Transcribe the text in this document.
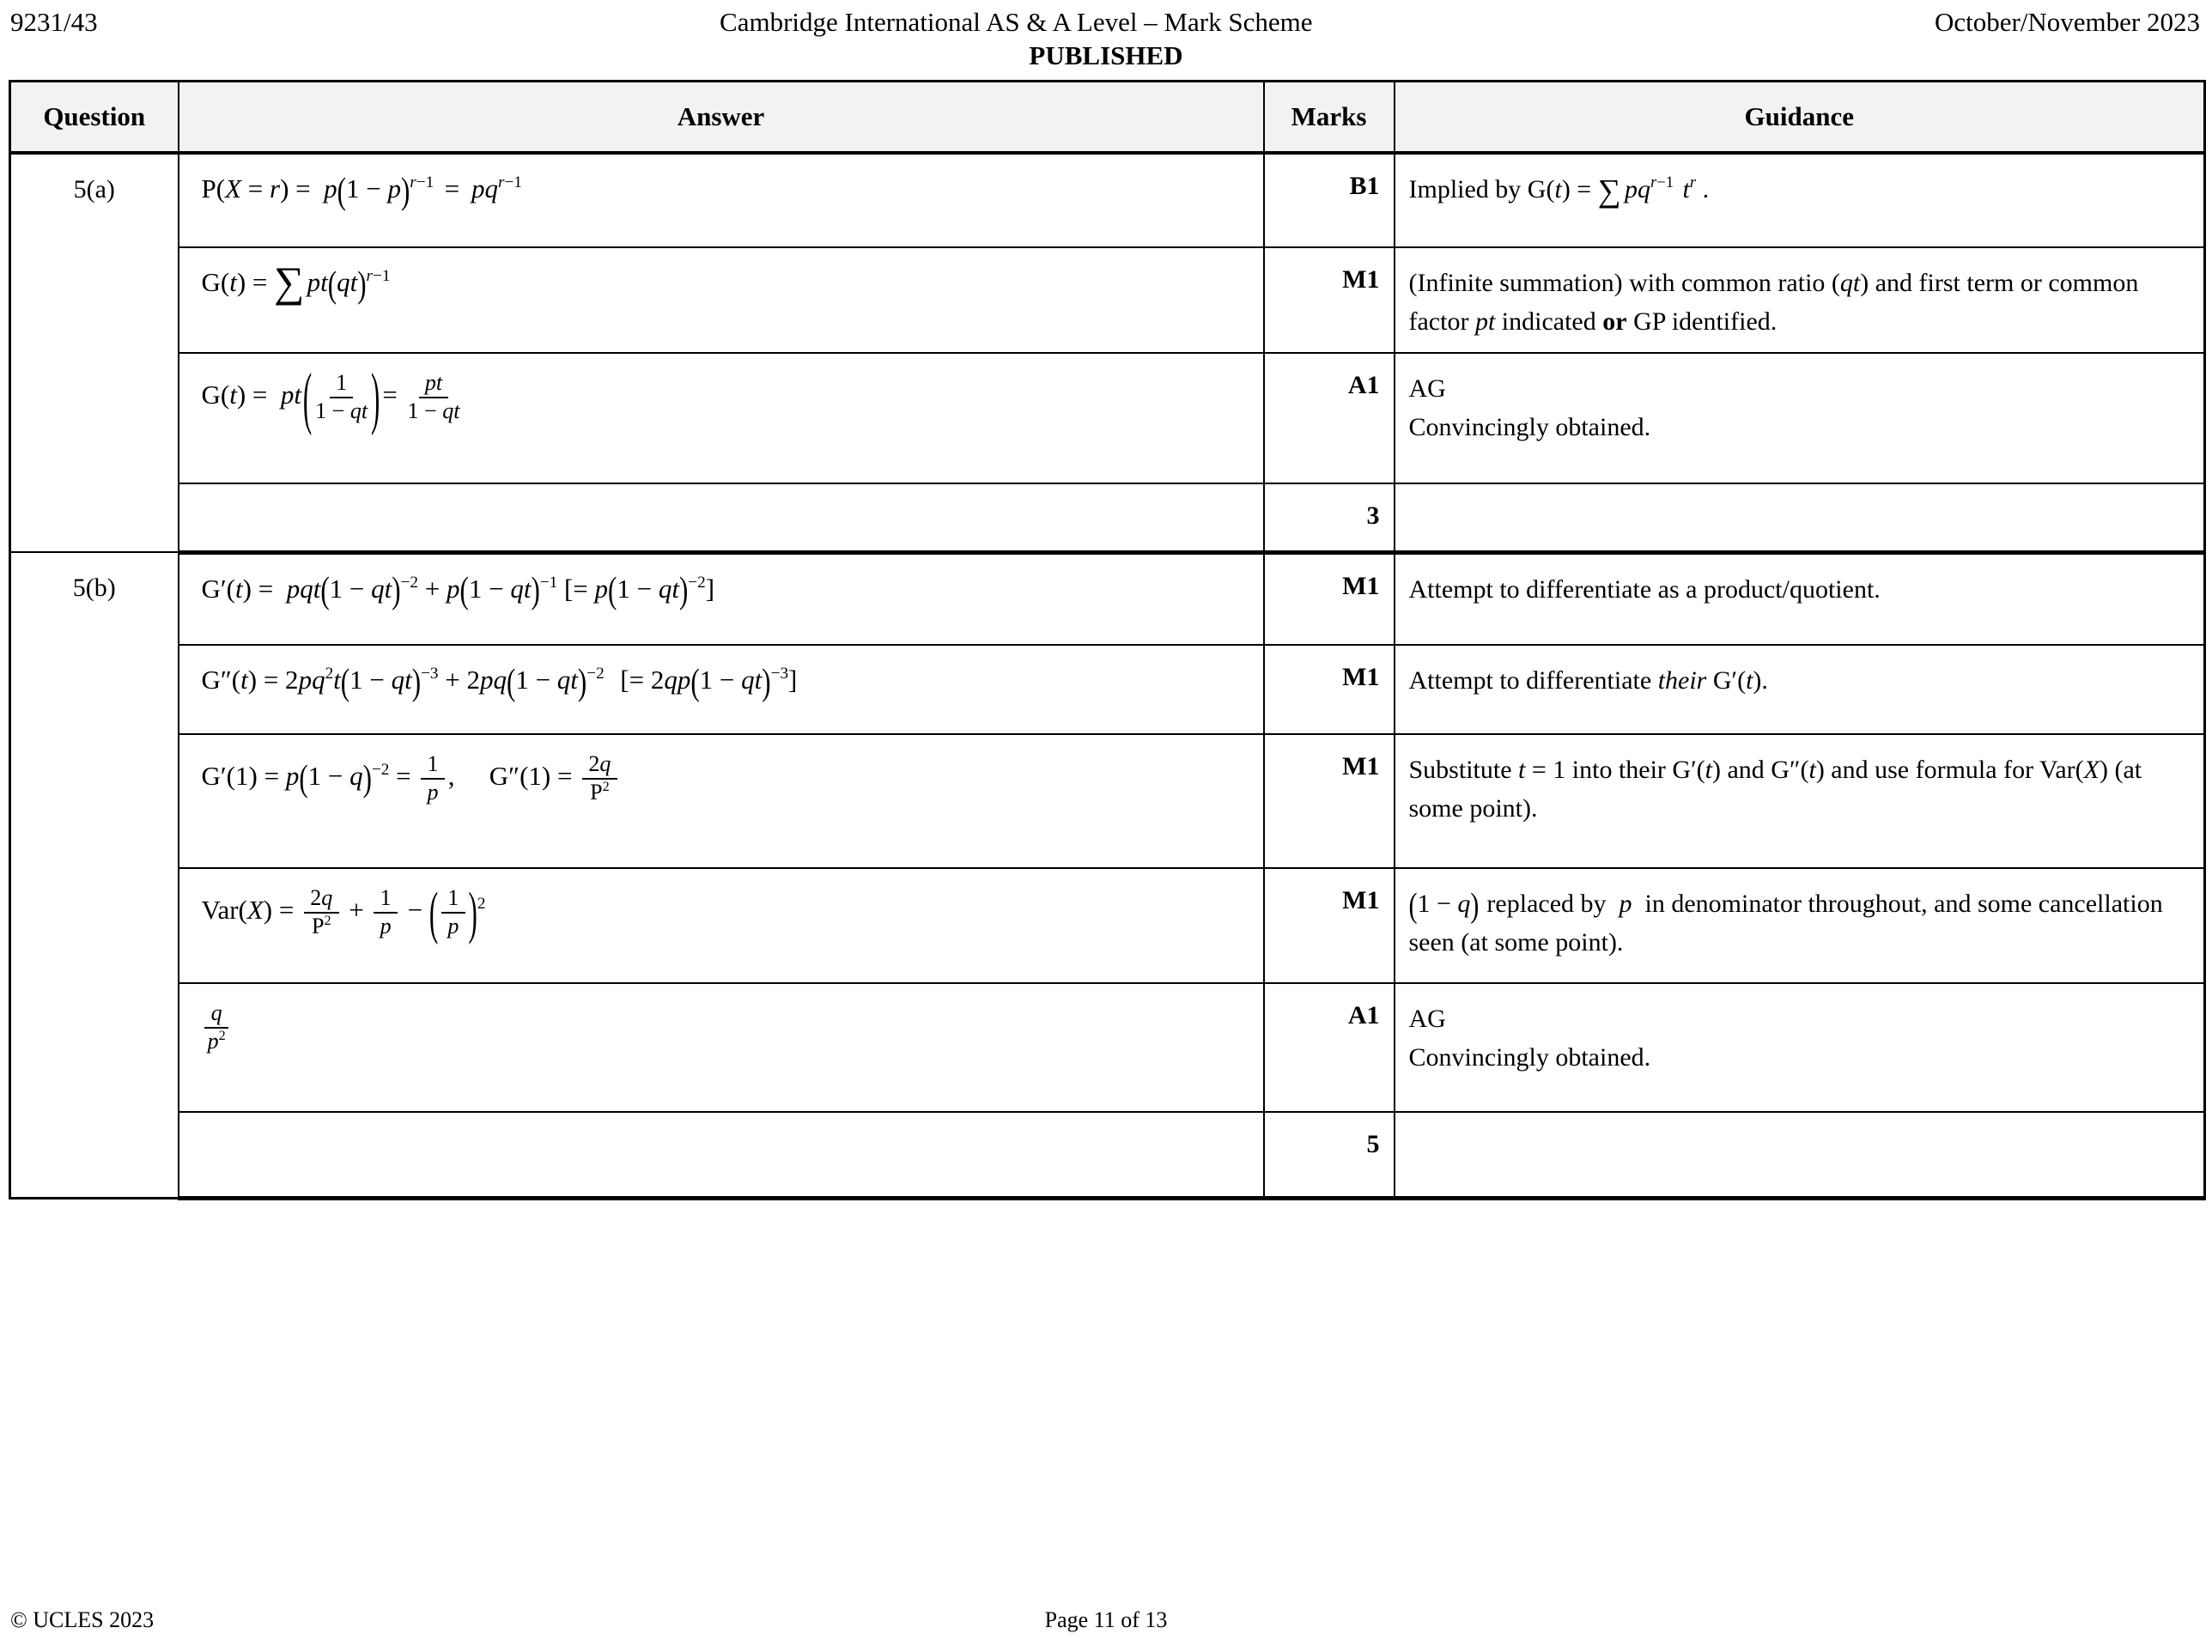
9231/43	Cambridge International AS & A Level – Mark Scheme	October/November 2023
PUBLISHED
Question	Answer	Marks	Guidance
5(a)	P(X = r) = p(1 − p)r−1 = pqr−1	B1	Implied by G(t) = ∑ pqr−1 tr .

	G(t) = ∑pt(qt)r−1	M1	(Infinite summation) with common ratio (qt) and first term or common factor pt indicated or GP identified.

$G(t) = pt( \frac{1}{1 - qt}$ )= $\frac{pt}{1 - qt}$	A1	AG
Convincingly obtained.

		3	
5(b)	G′(t) = pqt(1 − qt)−2 + p(1 − qt)−1 [= p(1 − qt)−2]	M1	Attempt to differentiate as a product/quotient.

	G″(t) = 2pq2t(1 − qt)−3 + 2pq(1 − qt)−2 [= 2qp(1 − qt)−3]	M1	Attempt to differentiate their G′(t).

$G'(1) = p(1 - q)-2 = \frac{1}{p}$ , $G''(1) = \frac{2q}{P2}$	M1	Substitute t = 1 into their G′(t) and G″(t) and use formula for Var(X) (at some point).

$Var(X) = \frac{2q}{P2} + \frac{1}{p}$ − ( $\frac{1}{p} )2$	M1	(1 − q) replaced by p in denominator throughout, and some cancellation seen (at some point).

$\frac{q}{p2}$	A1	AG
Convincingly obtained.

		5	
© UCLES 2023	Page 11 of 13
